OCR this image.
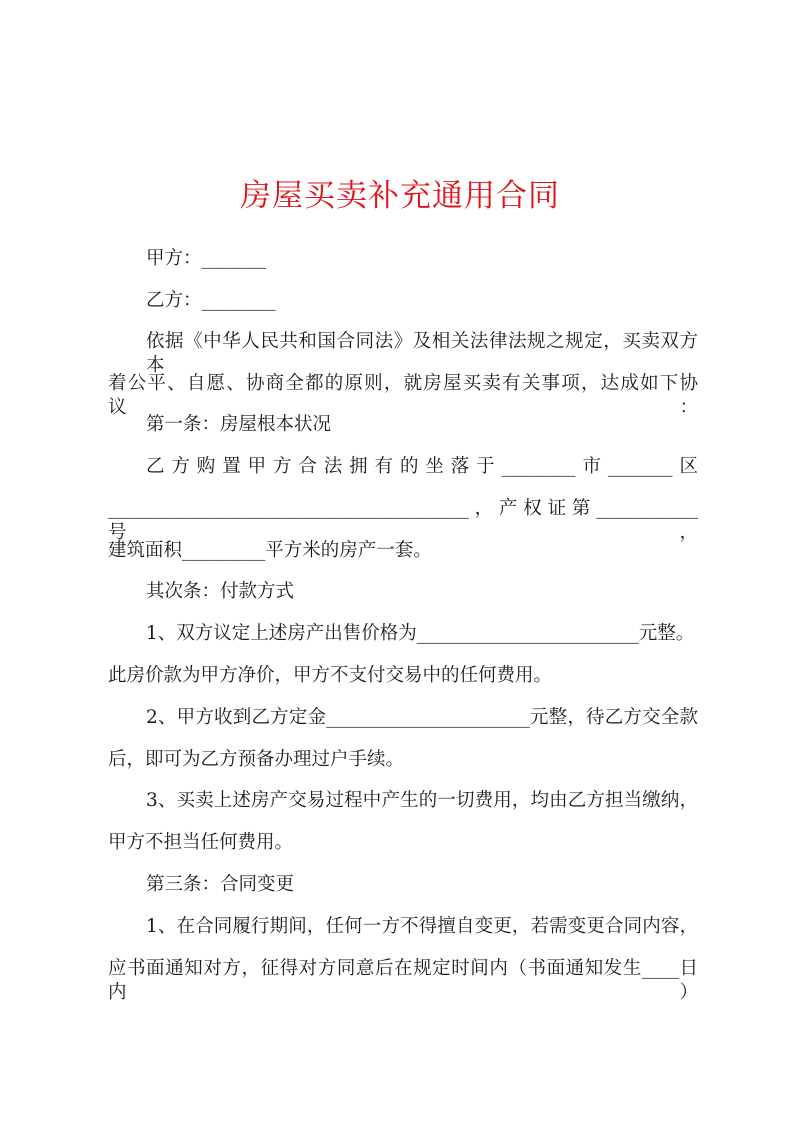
房屋买卖补充通用合同
甲方：_______
乙方：________
依据《中华人民共和国合同法》及相关法律法规之规定，买卖双方本
着公平、自愿、协商全都的原则，就房屋买卖有关事项，达成如下协议：
第一条：房屋根本状况
乙方购置甲方合法拥有的坐落于________市_______区
_______________________________________，产权证第___________号，
建筑面积_________平方米的房产一套。
其次条：付款方式
1、双方议定上述房产出售价格为________________________元整。
此房价款为甲方净价，甲方不支付交易中的任何费用。
2、甲方收到乙方定金______________________元整，待乙方交全款
后，即可为乙方预备办理过户手续。
3、买卖上述房产交易过程中产生的一切费用，均由乙方担当缴纳，
甲方不担当任何费用。
第三条：合同变更
1、在合同履行期间，任何一方不得擅自变更，若需变更合同内容，
应书面通知对方，征得对方同意后在规定时间内（书面通知发生____日内）
